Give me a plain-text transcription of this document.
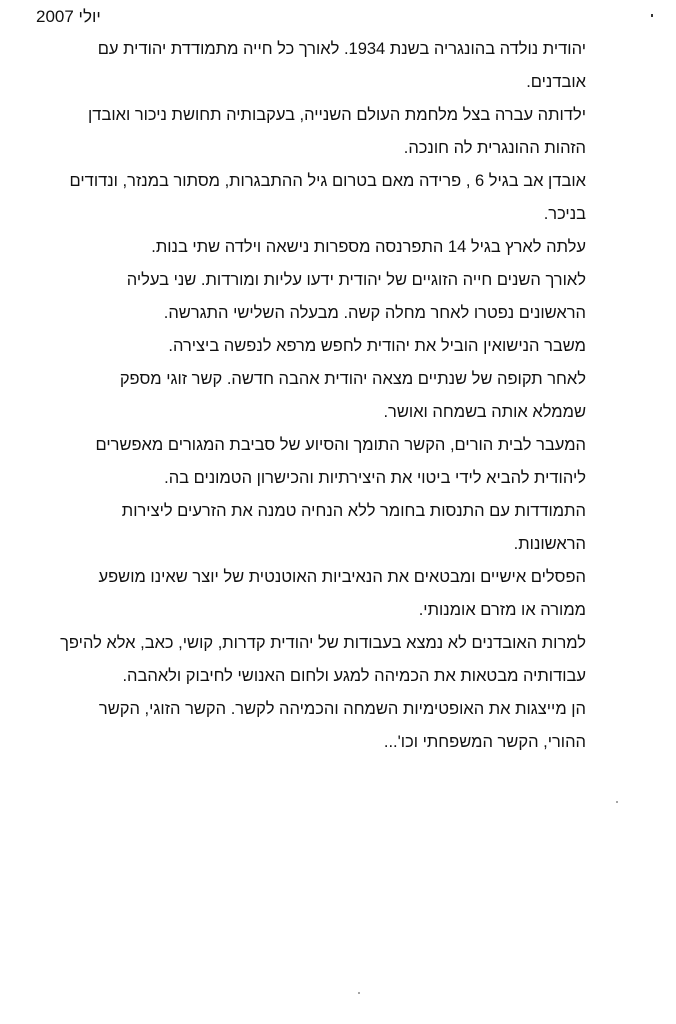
יולי 2007
יהודית נולדה בהונגריה בשנת 1934. לאורך כל חייה מתמודדת יהודית עם
אובדנים.
ילדותה עברה בצל מלחמת העולם השנייה, בעקבותיה תחושת ניכור ואובדן
הזהות ההונגרית לה חונכה.
אובדן אב בגיל 6 , פרידה מאם בטרום גיל ההתבגרות, מסתור במנזר, ונדודים
בניכר.
עלתה לארץ בגיל 14 התפרנסה מספרות נישאה וילדה שתי בנות.
לאורך השנים חייה הזוגיים של יהודית ידעו עליות ומורדות. שני בעליה
הראשונים נפטרו לאחר מחלה קשה. מבעלה השלישי התגרשה.
משבר הנישואין הוביל את יהודית לחפש מרפא לנפשה ביצירה.
לאחר תקופה של שנתיים מצאה יהודית אהבה חדשה. קשר זוגי מספק
שממלא אותה בשמחה ואושר.
המעבר לבית הורים, הקשר התומך והסיוע של סביבת המגורים מאפשרים
ליהודית להביא לידי ביטוי את היצירתיות והכישרון הטמונים בה.
התמודדות עם התנסות בחומר ללא הנחיה טמנה את הזרעים ליצירות
הראשונות.
הפסלים אישיים ומבטאים את הנאיביות האוטנטית של יוצר שאינו מושפע
ממורה או מזרם אומנותי.
למרות האובדנים לא נמצא בעבודות של יהודית קדרות, קושי, כאב, אלא להיפך
עבודותיה מבטאות את הכמיהה למגע ולחום האנושי לחיבוק ולאהבה.
הן מייצגות את האופטימיות השמחה והכמיהה לקשר. הקשר הזוגי, הקשר
ההורי, הקשר המשפחתי וכו'...
